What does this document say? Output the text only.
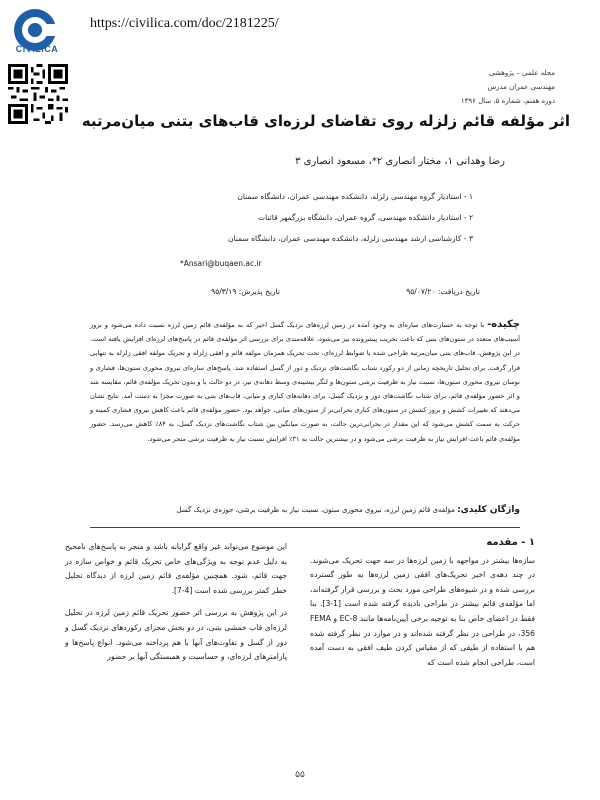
CIVILICA
https://civilica.com/doc/2181225/
مجله علمی – پژوهشی
مهندسی عمران مدرس
دوره هفتم، شماره ۵، سال ۱۳۹۶
اثر مؤلفه قائم زلزله روی تقاضای لرزه‌ای قاب‌های بتنی میان‌مرتبه
رضا وهدانی ۱، مختار انصاری ۲*، مسعود انصاری ۳
۱ - استادیار گروه مهندسی زلزله، دانشکده مهندسی عمران، دانشگاه سمنان
۲ - استادیار دانشکده مهندسی، گروه عمران، دانشگاه بزرگمهر قائنات
۳ - کارشناسی ارشد مهندسی زلزله، دانشکده مهندسی عمران، دانشگاه سمنان
*Ansari@buqaen.ac.ir
تاریخ دریافت: ۹۵/۰۷/۲۰
تاریخ پذیرش: ۹۵/۳/۱۹
چکیده- با توجه به خسارت‌های سازه‌ای به وجود آمده در زمین لرزه‌های نزدیک گسل اخیر که به مؤلفه‌ی قائم زمین لرزه نسبت داده می‌شود و بروز آسیب‌های متعدد در ستون‌های بتنی که باعث تخریب پیشرونده نیز می‌شود، علاقه‌مندی برای بررسی اثر مؤلفه‌ی قائم در پاسخ‌های لرزه‌ای افزایش یافته است. در این پژوهش، قاب‌های بتنی میان‌مرتبه طراحی شده با ضوابط لرزه‌ای، تحت تحریک همزمان مولفه قائم و افقی زلزله و تحریک مولفه افقی زلزله به تنهایی قرار گرفت. برای تحلیل تاریخچه زمانی از دو رکورد شتاب نگاشت‌های نزدیک و دور از گسل استفاده شد. پاسخ‌های سازه‌ای نیروی محوری ستون‌ها، فشاری و نوسان نیروی محوری ستون‌ها، نسبت نیاز به ظرفیت برشی ستون‌ها و لنگر بیشینه‌ی وسط دهانه‌ی تیر، در دو حالت با و بدون تحریک مؤلفه‌ی قائم، مقایسه شد و اثر حضور مؤلفه‌ی قائم، برای شتاب نگاشت‌های دور و نزدیک گسل، برای دهانه‌های کناری و میانی، قاب‌های بتنی به صورت مجزا به دست آمد. نتایج نشان می‌دهند که تغییرات کشش و بروز کشش در ستون‌های کناری بحرانی‌تر از ستون‌های میانی، خواهد بود. حضور مؤلفه‌ی قائم باعث کاهش نیروی فشاری کمینه و حرکت به سمت کشش می‌شود که این مقدار در بحرانی‌ترین حالت، به صورت میانگین بین شتاب نگاشت‌های نزدیک گسل، به ۸۴٪ کاهش می‌رسد. حضور مؤلفه‌ی قائم باعث افزایش نیاز به ظرفیت برشی می‌شود و در بیشترین حالت به ۳۱٪ افزایش نسبت نیاز به ظرفیت برشی منجر می‌شود.
واژگان کلیدی: مؤلفه‌ی قائم زمین لرزه، نیروی محوری ستون، نسبت نیاز به ظرفیت برشی، حوزه‌ی نزدیک گسل
۱ - مقدمه
سازه‌ها بیشتر در مواجهه با زمین لرزه‌ها در سه جهت تحریک می‌شوند. در چند دهه‌ی اخیر تحریک‌های افقی زمین لرزه‌ها به طور گسترده بررسی شده و در شیوه‌های طراحی مورد بحث و بررسی قرار گرفته‌اند، اما مؤلفه‌ی قائم بیشتر در طراحی نادیده گرفته شده است [1-3]. بنا فقط در اعضای خاص بنا به توجیه برخی آیین‌نامه‌ها مانند EC-8 و FEMA 356، در طراحی در نظر گرفته شده‌اند و در موارد در نظر گرفته شده هم با استفاده از طیفی که از مقیاس کردن طیف افقی به دست آمده است، طراحی انجام شده است که
این موضوع می‌تواند غیر واقع گرایانه باشد و منجر به پاسخ‌های نامحیح به دلیل عدم توجه به ویژگی‌های خاص تحریک قائم و خواص سازه در جهت قائم، شود. همچنین مؤلفه‌ی قائم زمین لرزه از دیدگاه تحلیل خطر کمتر بررسی شده است [4-7].
در این پژوهش به بررسی اثر حضور تحریک قائم زمین لرزه در تحلیل لرزه‌ای قاب خمشی بتنی، در دو بخش مجزای رکوردهای نزدیک گسل و دور از گسل و تفاوت‌های آنها با هم پرداخته می‌شود. انواع پاسخ‌ها و پارامترهای لرزه‌ای، و حساسیت و همبستگی آنها بر حضور
۵۵
